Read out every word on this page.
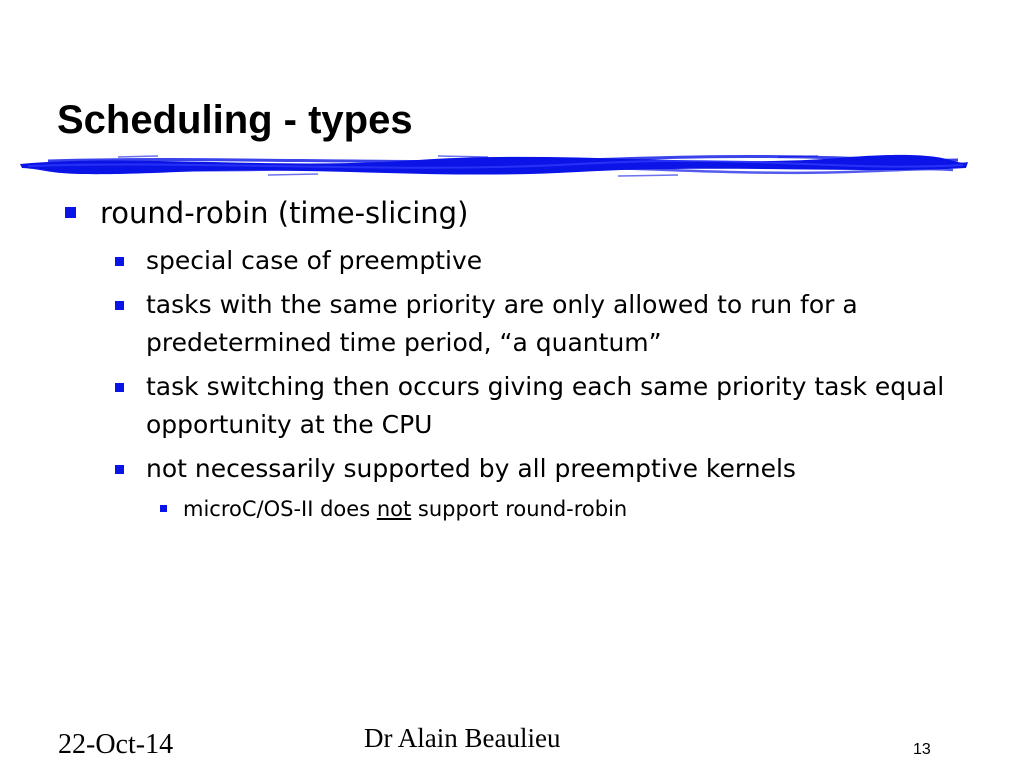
Scheduling - types
round-robin (time-slicing)
special case of preemptive
tasks with the same priority are only allowed to run for a predetermined time period, “a quantum”
task switching then occurs giving each same priority task equal opportunity at the CPU
not necessarily supported by all preemptive kernels
microC/OS-II does not support round-robin
22-Oct-14	Dr Alain Beaulieu	13
